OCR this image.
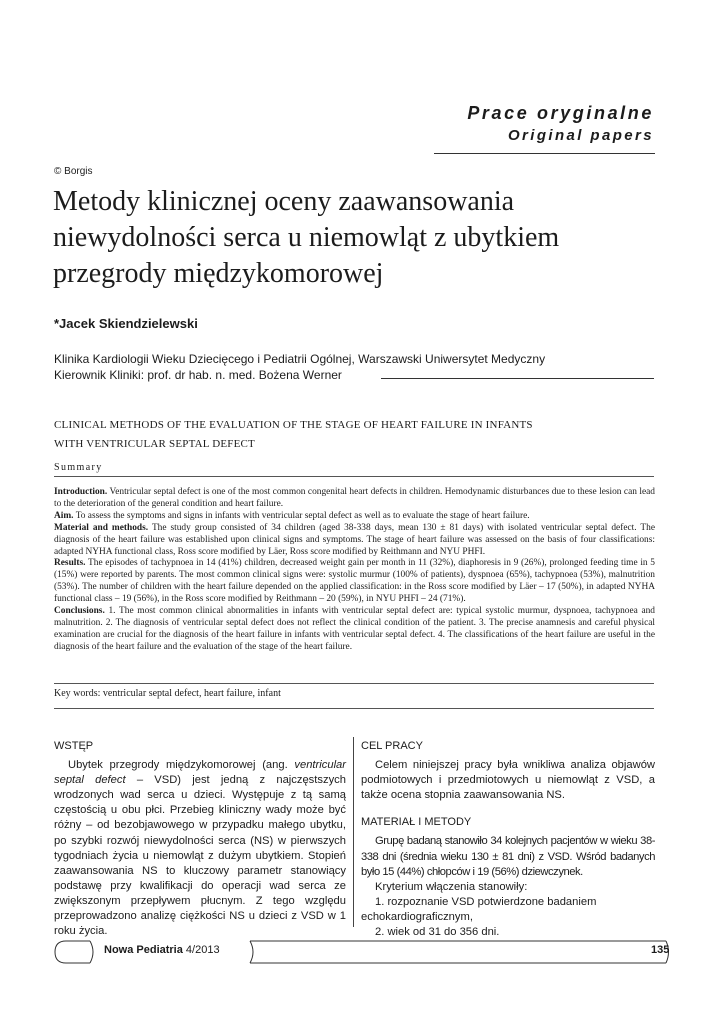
Prace oryginalne
Original papers
© Borgis
Metody klinicznej oceny zaawansowania
niewydolności serca u niemowląt z ubytkiem
przegrody międzykomorowej
*Jacek Skiendzielewski
Klinika Kardiologii Wieku Dziecięcego i Pediatrii Ogólnej, Warszawski Uniwersytet Medyczny
Kierownik Kliniki: prof. dr hab. n. med. Bożena Werner
CLINICAL METHODS OF THE EVALUATION OF THE STAGE OF HEART FAILURE IN INFANTS
WITH VENTRICULAR SEPTAL DEFECT
Summary

Introduction. Ventricular septal defect is one of the most common congenital heart defects in children. Hemodynamic disturbances due to these lesion can lead to the deterioration of the general condition and heart failure.

Aim. To assess the symptoms and signs in infants with ventricular septal defect as well as to evaluate the stage of heart failure.

Material and methods. The study group consisted of 34 children (aged 38-338 days, mean 130 ± 81 days) with isolated ventricular septal defect. The diagnosis of the heart failure was established upon clinical signs and symptoms. The stage of heart failure was assessed on the basis of four classifications: adapted NYHA functional class, Ross score modified by Läer, Ross score modified by Reithmann and NYU PHFI.

Results. The episodes of tachypnoea in 14 (41%) children, decreased weight gain per month in 11 (32%), diaphoresis in 9 (26%), prolonged feeding time in 5 (15%) were reported by parents. The most common clinical signs were: systolic murmur (100% of patients), dyspnoea (65%), tachypnoea (53%), malnutrition (53%). The number of children with the heart failure depended on the applied classification: in the Ross score modified by Läer – 17 (50%), in adapted NYHA functional class – 19 (56%), in the Ross score modified by Reithmann – 20 (59%), in NYU PHFI – 24 (71%).

Conclusions. 1. The most common clinical abnormalities in infants with ventricular septal defect are: typical systolic murmur, dyspnoea, tachypnoea and malnutrition. 2. The diagnosis of ventricular septal defect does not reflect the clinical condition of the patient. 3. The precise anamnesis and careful physical examination are crucial for the diagnosis of the heart failure in infants with ventricular septal defect. 4. The classifications of the heart failure are useful in the diagnosis of the heart failure and the evaluation of the stage of the heart failure.

Key words: ventricular septal defect, heart failure, infant
WSTĘP
Ubytek przegrody międzykomorowej (ang. ventricular septal defect – VSD) jest jedną z najczęstszych wrodzonych wad serca u dzieci. Występuje z tą samą częstością u obu płci. Przebieg kliniczny wady może być różny – od bezobjawowego w przypadku małego ubytku, po szybki rozwój niewydolności serca (NS) w pierwszych tygodniach życia u niemowląt z dużym ubytkiem. Stopień zaawansowania NS to kluczowy parametr stanowiący podstawę przy kwalifikacji do operacji wad serca ze zwiększonym przepływem płucnym. Z tego względu przeprowadzono analizę ciężkości NS u dzieci z VSD w 1 roku życia.
CEL PRACY
Celem niniejszej pracy była wnikliwa analiza objawów podmiotowych i przedmiotowych u niemowląt z VSD, a także ocena stopnia zaawansowania NS.
MATERIAŁ I METODY
Grupę badaną stanowiło 34 kolejnych pacjentów w wieku 38-338 dni (średnia wieku 130 ± 81 dni) z VSD. Wśród badanych było 15 (44%) chłopców i 19 (56%) dziewczynek.
Kryterium włączenia stanowiły:
1. rozpoznanie VSD potwierdzone badaniem echokardiograficznym,
2. wiek od 31 do 356 dni.
Nowa Pediatria 4/2013	135
